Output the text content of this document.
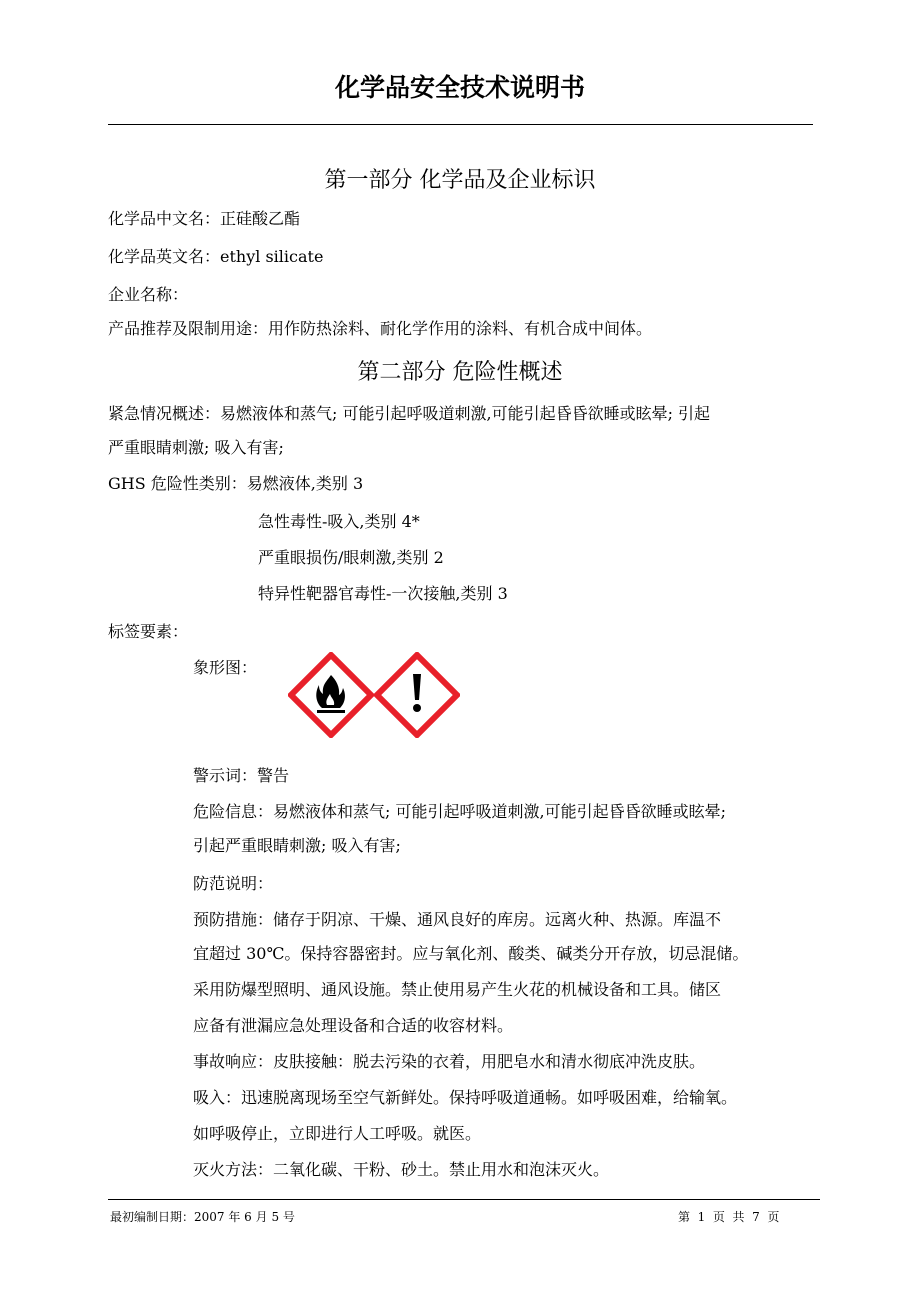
化学品安全技术说明书
第一部分 化学品及企业标识
化学品中文名：正硅酸乙酯
化学品英文名：ethyl silicate
企业名称：
产品推荐及限制用途：用作防热涂料、耐化学作用的涂料、有机合成中间体。
第二部分 危险性概述
紧急情况概述：易燃液体和蒸气; 可能引起呼吸道刺激,可能引起昏昏欲睡或眩晕; 引起
严重眼睛刺激; 吸入有害;
GHS 危险性类别：易燃液体,类别 3
急性毒性-吸入,类别 4*
严重眼损伤/眼刺激,类别 2
特异性靶器官毒性-一次接触,类别 3
标签要素：
象形图：
警示词：警告
危险信息：易燃液体和蒸气; 可能引起呼吸道刺激,可能引起昏昏欲睡或眩晕;
引起严重眼睛刺激; 吸入有害;
防范说明：
预防措施：储存于阴凉、干燥、通风良好的库房。远离火种、热源。库温不
宜超过 30℃。保持容器密封。应与氧化剂、酸类、碱类分开存放，切忌混储。
采用防爆型照明、通风设施。禁止使用易产生火花的机械设备和工具。储区
应备有泄漏应急处理设备和合适的收容材料。
事故响应：皮肤接触：脱去污染的衣着，用肥皂水和清水彻底冲洗皮肤。
吸入：迅速脱离现场至空气新鲜处。保持呼吸道通畅。如呼吸困难，给输氧。
如呼吸停止，立即进行人工呼吸。就医。
灭火方法：二氧化碳、干粉、砂土。禁止用水和泡沫灭火。
最初编制日期：2007 年 6 月 5 号	第  1  页  共  7  页
